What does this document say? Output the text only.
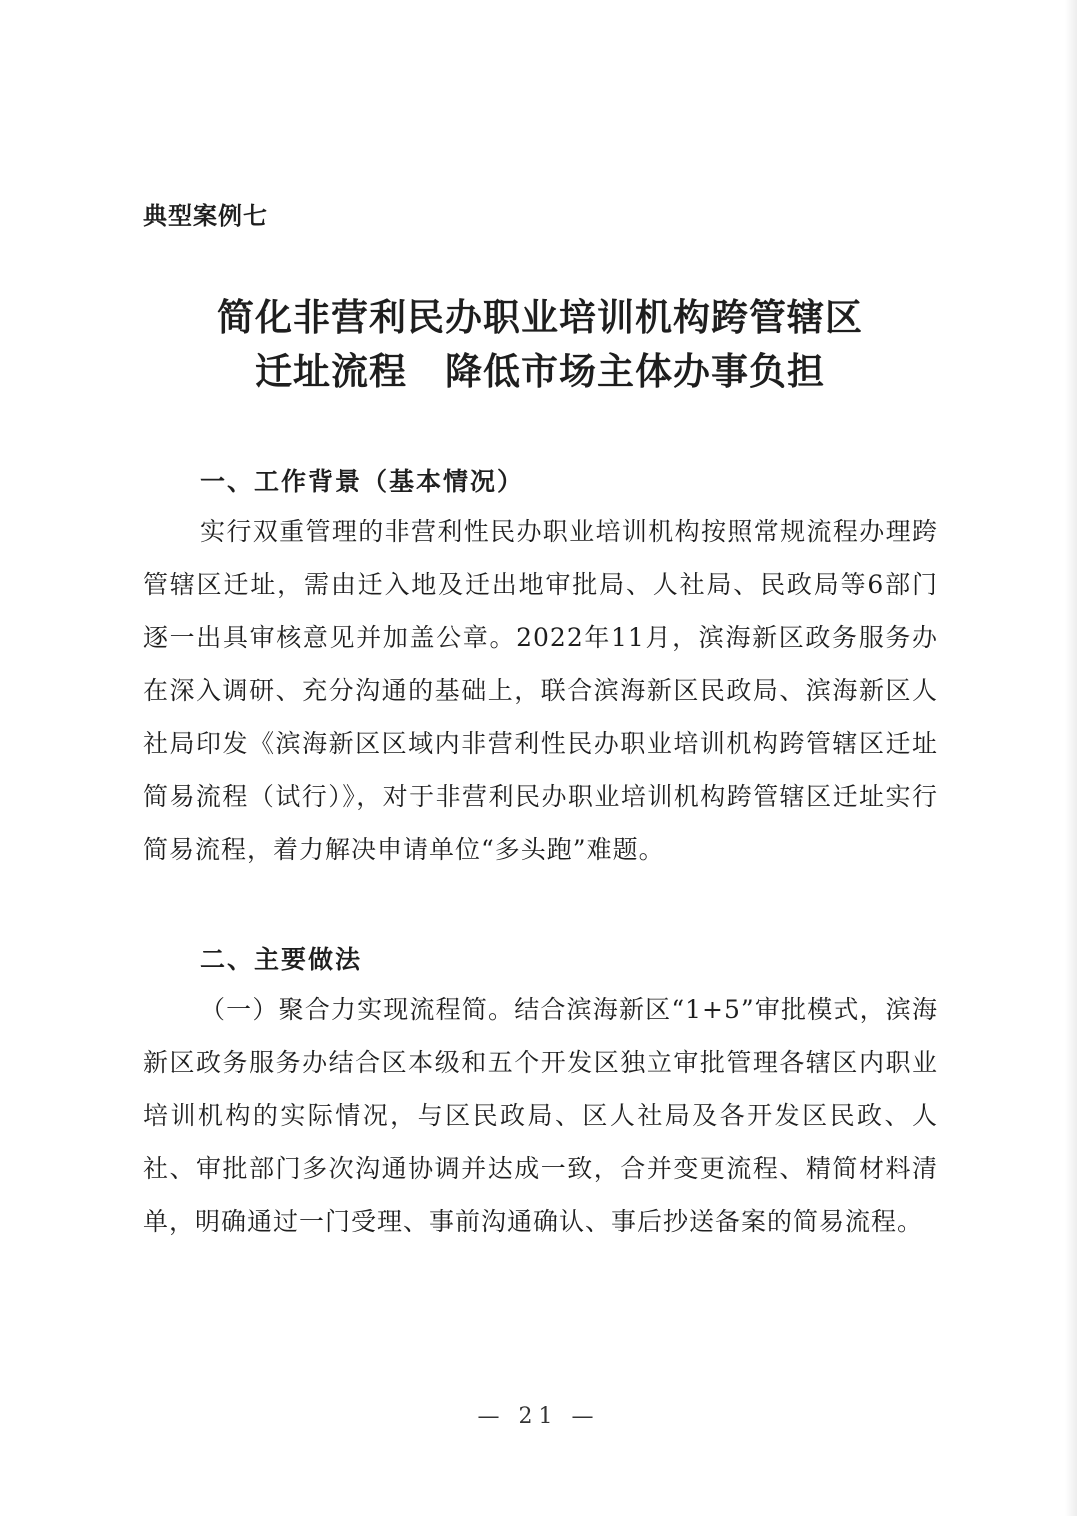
典型案例七

简化非营利民办职业培训机构跨管辖区
迁址流程　降低市场主体办事负担
一、工作背景（基本情况）

实行双重管理的非营利性民办职业培训机构按照常规流程办理跨管辖区迁址，需由迁入地及迁出地审批局、人社局、民政局等6部门逐一出具审核意见并加盖公章。2022年11月，滨海新区政务服务办在深入调研、充分沟通的基础上，联合滨海新区民政局、滨海新区人社局印发《滨海新区区域内非营利性民办职业培训机构跨管辖区迁址简易流程（试行）》，对于非营利民办职业培训机构跨管辖区迁址实行简易流程，着力解决申请单位“多头跑”难题。

二、主要做法

（一）聚合力实现流程简。结合滨海新区“1+5”审批模式，滨海新区政务服务办结合区本级和五个开发区独立审批管理各辖区内职业培训机构的实际情况，与区民政局、区人社局及各开发区民政、人社、审批部门多次沟通协调并达成一致，合并变更流程、精简材料清单，明确通过一门受理、事前沟通确认、事后抄送备案的简易流程。

— 21 —
